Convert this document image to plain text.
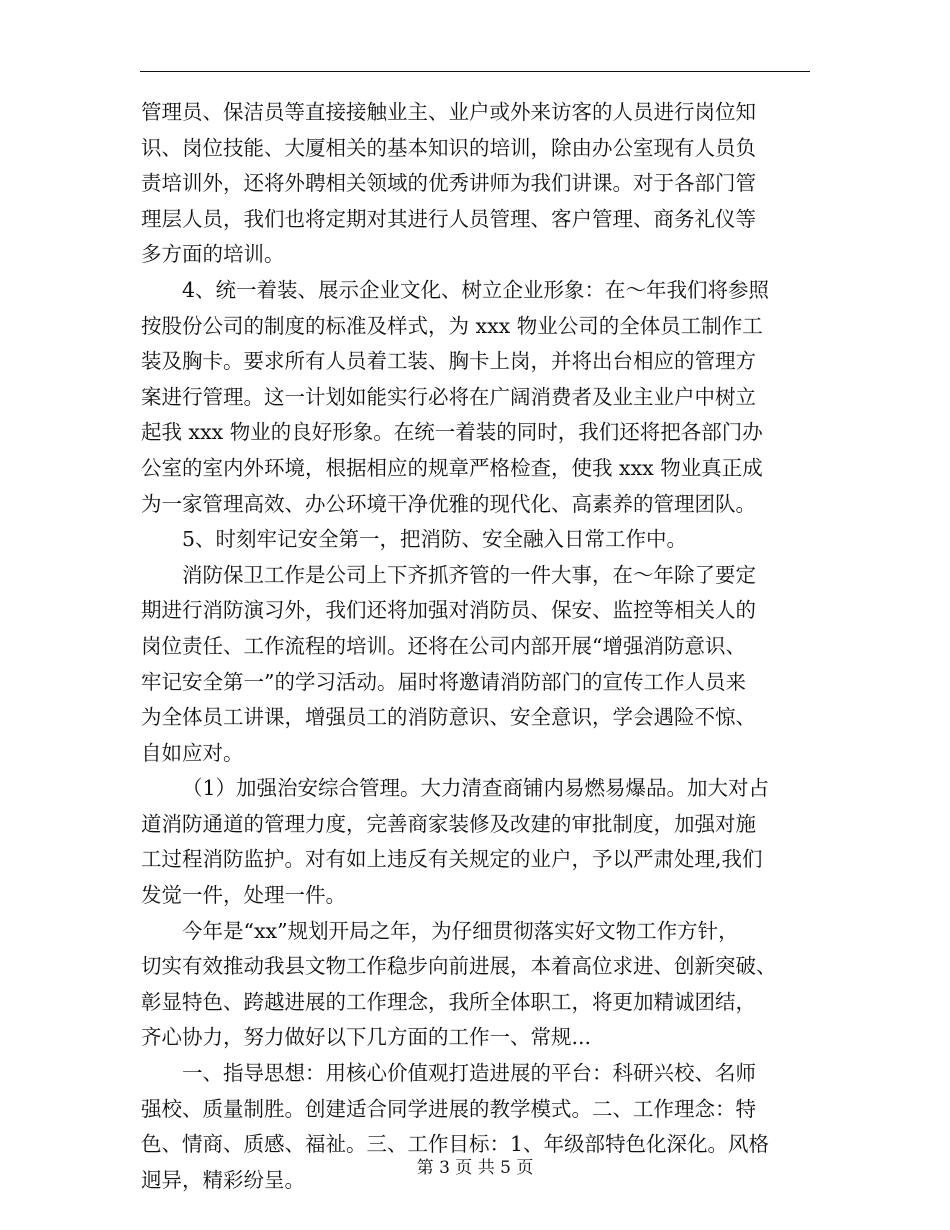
管理员、保洁员等直接接触业主、业户或外来访客的人员进行岗位知
识、岗位技能、大厦相关的基本知识的培训，除由办公室现有人员负
责培训外，还将外聘相关领域的优秀讲师为我们讲课。对于各部门管
理层人员，我们也将定期对其进行人员管理、客户管理、商务礼仪等
多方面的培训。
4、统一着装、展示企业文化、树立企业形象：在～年我们将参照
按股份公司的制度的标准及样式，为 xxx 物业公司的全体员工制作工
装及胸卡。要求所有人员着工装、胸卡上岗，并将出台相应的管理方
案进行管理。这一计划如能实行必将在广阔消费者及业主业户中树立
起我 xxx 物业的良好形象。在统一着装的同时，我们还将把各部门办
公室的室内外环境，根据相应的规章严格检查，使我 xxx 物业真正成
为一家管理高效、办公环境干净优雅的现代化、高素养的管理团队。
5、时刻牢记安全第一，把消防、安全融入日常工作中。
消防保卫工作是公司上下齐抓齐管的一件大事，在～年除了要定
期进行消防演习外，我们还将加强对消防员、保安、监控等相关人的
岗位责任、工作流程的培训。还将在公司内部开展“增强消防意识、
牢记安全第一”的学习活动。届时将邀请消防部门的宣传工作人员来
为全体员工讲课，增强员工的消防意识、安全意识，学会遇险不惊、
自如应对。
（1）加强治安综合管理。大力清查商铺内易燃易爆品。加大对占
道消防通道的管理力度，完善商家装修及改建的审批制度，加强对施
工过程消防监护。对有如上违反有关规定的业户，予以严肃处理,我们
发觉一件，处理一件。
今年是“xx”规划开局之年，为仔细贯彻落实好文物工作方针，
切实有效推动我县文物工作稳步向前进展，本着高位求进、创新突破、
彰显特色、跨越进展的工作理念，我所全体职工，将更加精诚团结，
齐心协力，努力做好以下几方面的工作一、常规...
一、指导思想：用核心价值观打造进展的平台：科研兴校、名师
强校、质量制胜。创建适合同学进展的教学模式。二、工作理念：特
色、情商、质感、福祉。三、工作目标：1、年级部特色化深化。风格
迥异，精彩纷呈。	第 3 页 共 5 页
